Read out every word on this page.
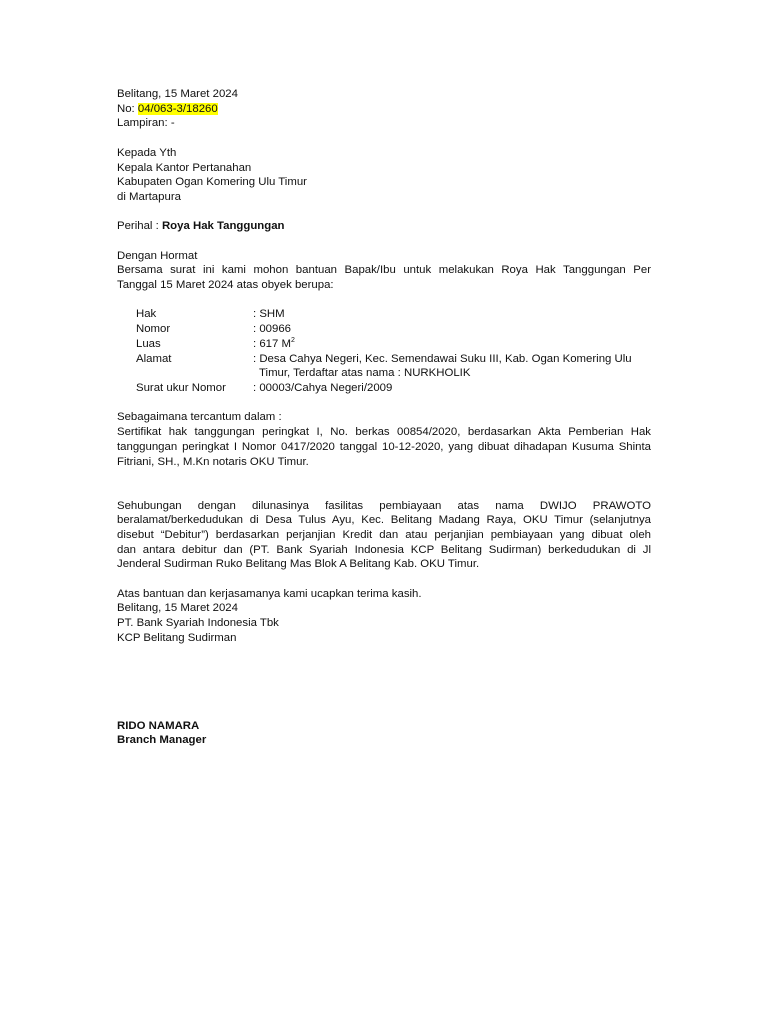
Belitang, 15 Maret 2024
No: 04/063-3/18260
Lampiran: -
Kepada Yth
Kepala Kantor Pertanahan
Kabupaten Ogan Komering Ulu Timur
di Martapura
Perihal : Roya Hak Tanggungan
Dengan Hormat
Bersama surat ini kami mohon bantuan Bapak/Ibu untuk melakukan Roya Hak Tanggungan Per
Tanggal 15 Maret 2024 atas obyek berupa:
Hak	: SHM
Nomor	: 00966
Luas	: 617 $M^2$
Alamat	: Desa Cahya Negeri, Kec. Semendawai Suku III, Kab. Ogan Komering Ulu
Timur, Terdaftar atas nama : NURKHOLIK
Surat ukur Nomor	: 00003/Cahya Negeri/2009
Sebagaimana tercantum dalam :
Sertifikat hak tanggungan peringkat I, No. berkas 00854/2020, berdasarkan Akta Pemberian Hak
tanggungan peringkat I Nomor 0417/2020 tanggal 10-12-2020, yang dibuat dihadapan Kusuma Shinta
Fitriani, SH., M.Kn notaris OKU Timur.
Sehubungan dengan dilunasinya fasilitas pembiayaan atas nama DWIJO PRAWOTO
beralamat/berkedudukan di Desa Tulus Ayu, Kec. Belitang Madang Raya, OKU Timur (selanjutnya
disebut “Debitur”) berdasarkan perjanjian Kredit dan atau perjanjian pembiayaan yang dibuat oleh
dan antara debitur dan (PT. Bank Syariah Indonesia KCP Belitang Sudirman) berkedudukan di Jl
Jenderal Sudirman Ruko Belitang Mas Blok A Belitang Kab. OKU Timur.
Atas bantuan dan kerjasamanya kami ucapkan terima kasih.
Belitang, 15 Maret 2024
PT. Bank Syariah Indonesia Tbk
KCP Belitang Sudirman
RIDO NAMARA
Branch Manager
